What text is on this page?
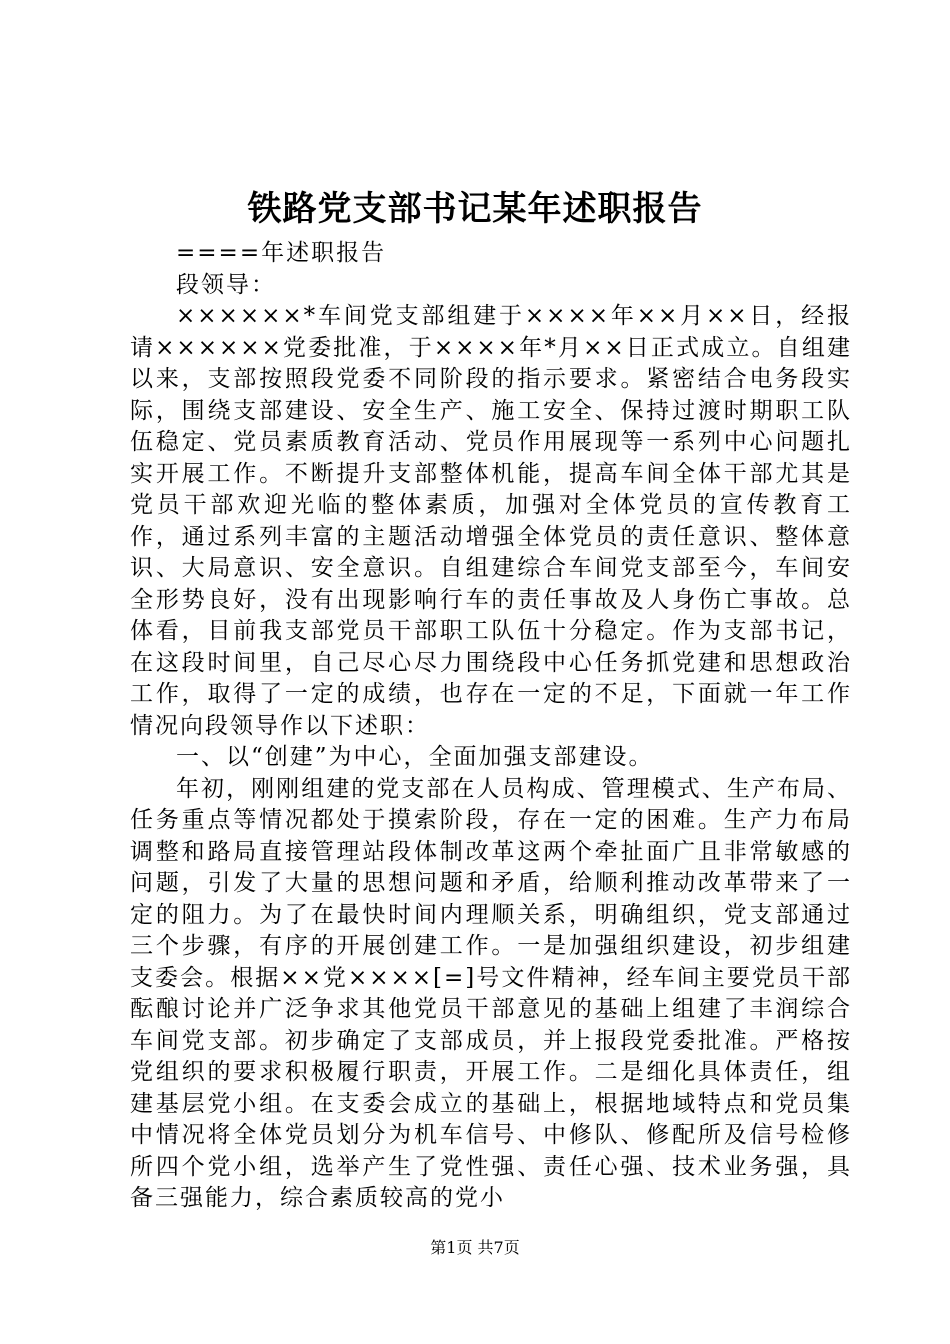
铁路党支部书记某年述职报告

====年述职报告

段领导：

××××××*车间党支部组建于××××年××月××日，经报请××××××党委批准，于××××年*月××日正式成立。自组建以来，支部按照段党委不同阶段的指示要求。紧密结合电务段实际，围绕支部建设、安全生产、施工安全、保持过渡时期职工队伍稳定、党员素质教育活动、党员作用展现等一系列中心问题扎实开展工作。不断提升支部整体机能，提高车间全体干部尤其是党员干部欢迎光临的整体素质，加强对全体党员的宣传教育工作，通过系列丰富的主题活动增强全体党员的责任意识、整体意识、大局意识、安全意识。自组建综合车间党支部至今，车间安全形势良好，没有出现影响行车的责任事故及人身伤亡事故。总体看，目前我支部党员干部职工队伍十分稳定。作为支部书记，在这段时间里，自己尽心尽力围绕段中心任务抓党建和思想政治工作，取得了一定的成绩，也存在一定的不足，下面就一年工作情况向段领导作以下述职：

一、以“创建”为中心，全面加强支部建设。

年初，刚刚组建的党支部在人员构成、管理模式、生产布局、任务重点等情况都处于摸索阶段，存在一定的困难。生产力布局调整和路局直接管理站段体制改革这两个牵扯面广且非常敏感的问题，引发了大量的思想问题和矛盾，给顺利推动改革带来了一定的阻力。为了在最快时间内理顺关系，明确组织，党支部通过三个步骤，有序的开展创建工作。一是加强组织建设，初步组建支委会。根据××党××××[=]号文件精神，经车间主要党员干部酝酿讨论并广泛争求其他党员干部意见的基础上组建了丰润综合车间党支部。初步确定了支部成员，并上报段党委批准。严格按党组织的要求积极履行职责，开展工作。二是细化具体责任，组建基层党小组。在支委会成立的基础上，根据地域特点和党员集中情况将全体党员划分为机车信号、中修队、修配所及信号检修所四个党小组，选举产生了党性强、责任心强、技术业务强，具备三强能力，综合素质较高的党小

第1页 共7页
